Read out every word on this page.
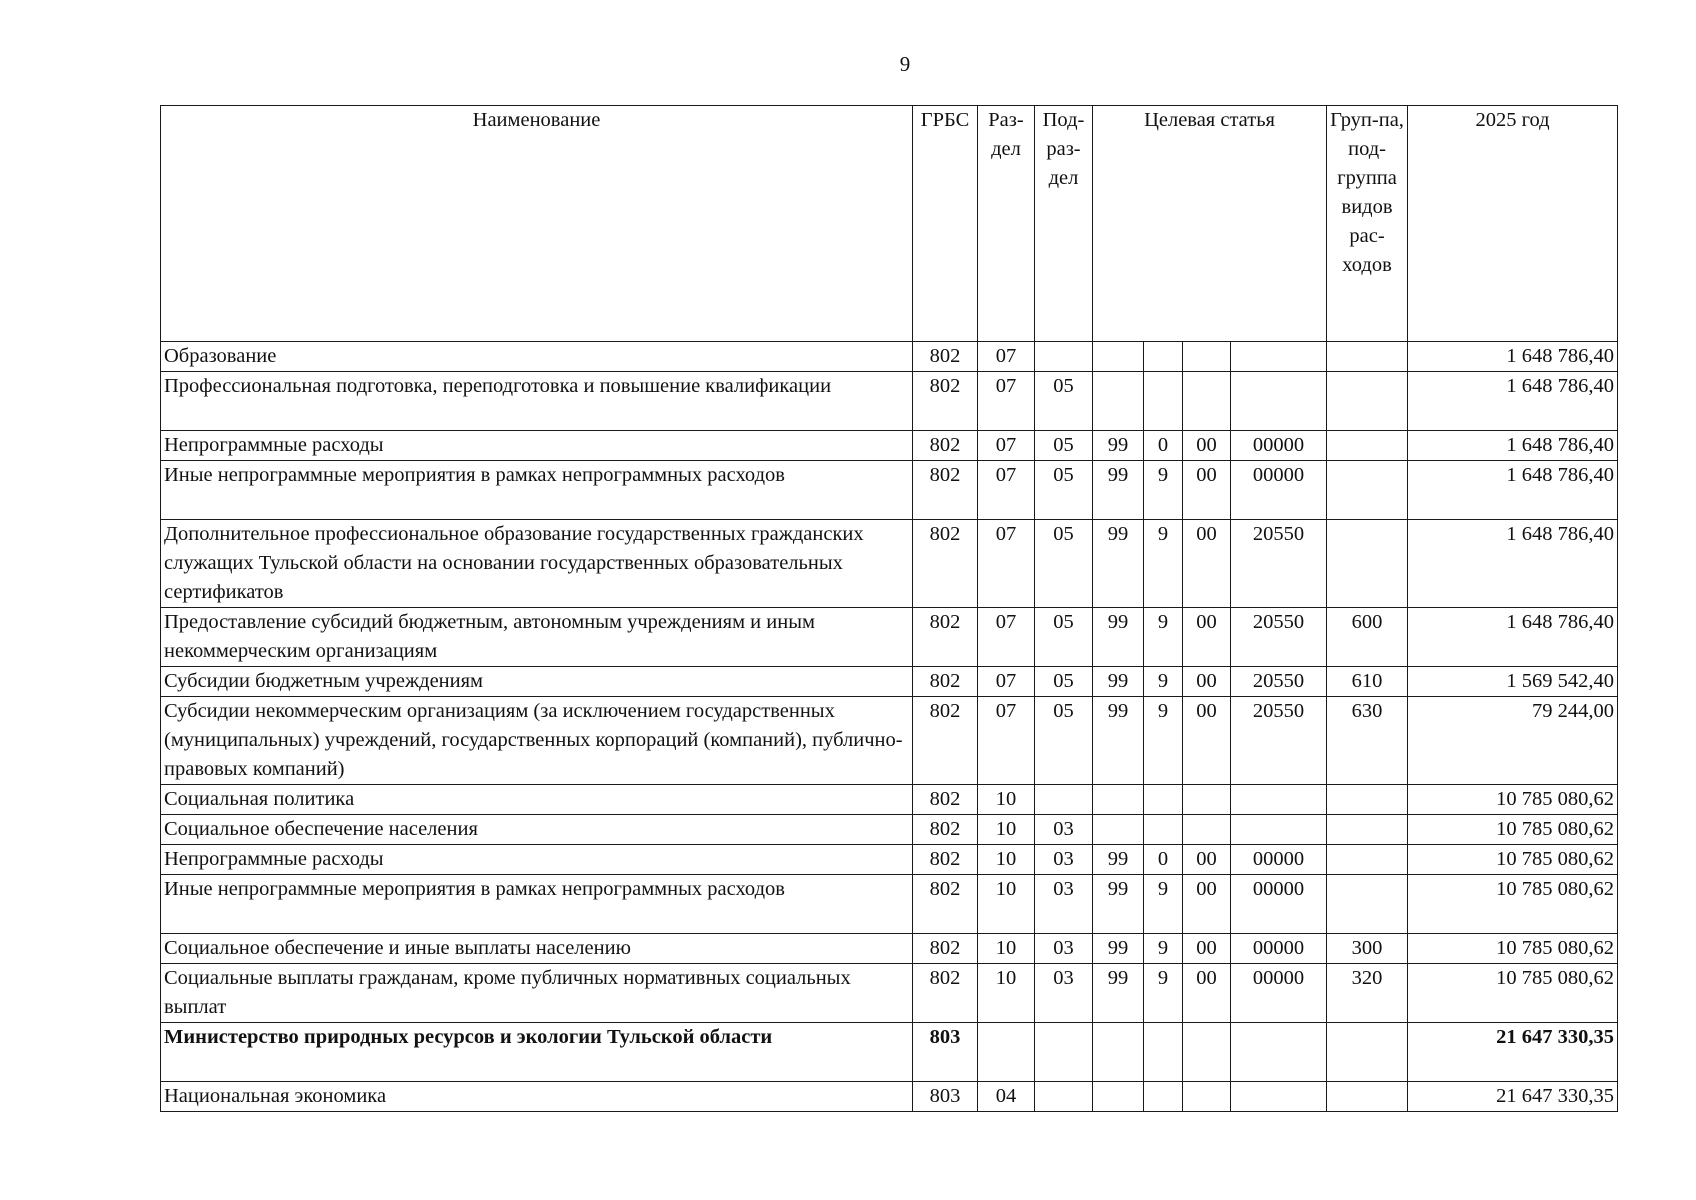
9
Наименование	ГРБС	Раз-дел	Под-раз-дел	Целевая статья				Груп-па, под-группа видов рас-ходов	2025 год
Образование	802	07							1 648 786,40
Профессиональная подготовка, переподготовка и повышение квалификации	802	07	05						1 648 786,40
Непрограммные расходы	802	07	05	99	0	00	00000		1 648 786,40
Иные непрограммные мероприятия в рамках непрограммных расходов	802	07	05	99	9	00	00000		1 648 786,40
Дополнительное профессиональное образование государственных гражданских служащих Тульской области на основании государственных образовательных сертификатов	802	07	05	99	9	00	20550		1 648 786,40
Предоставление субсидий бюджетным, автономным учреждениям и иным некоммерческим организациям	802	07	05	99	9	00	20550	600	1 648 786,40
Субсидии бюджетным учреждениям	802	07	05	99	9	00	20550	610	1 569 542,40
Субсидии некоммерческим организациям (за исключением государственных (муниципальных) учреждений, государственных корпораций (компаний), публично-правовых компаний)	802	07	05	99	9	00	20550	630	79 244,00
Социальная политика	802	10							10 785 080,62
Социальное обеспечение населения	802	10	03						10 785 080,62
Непрограммные расходы	802	10	03	99	0	00	00000		10 785 080,62
Иные непрограммные мероприятия в рамках непрограммных расходов	802	10	03	99	9	00	00000		10 785 080,62
Социальное обеспечение и иные выплаты населению	802	10	03	99	9	00	00000	300	10 785 080,62
Социальные выплаты гражданам, кроме публичных нормативных социальных выплат	802	10	03	99	9	00	00000	320	10 785 080,62
Министерство природных ресурсов и экологии Тульской области	803								21 647 330,35
Национальная экономика	803	04							21 647 330,35
